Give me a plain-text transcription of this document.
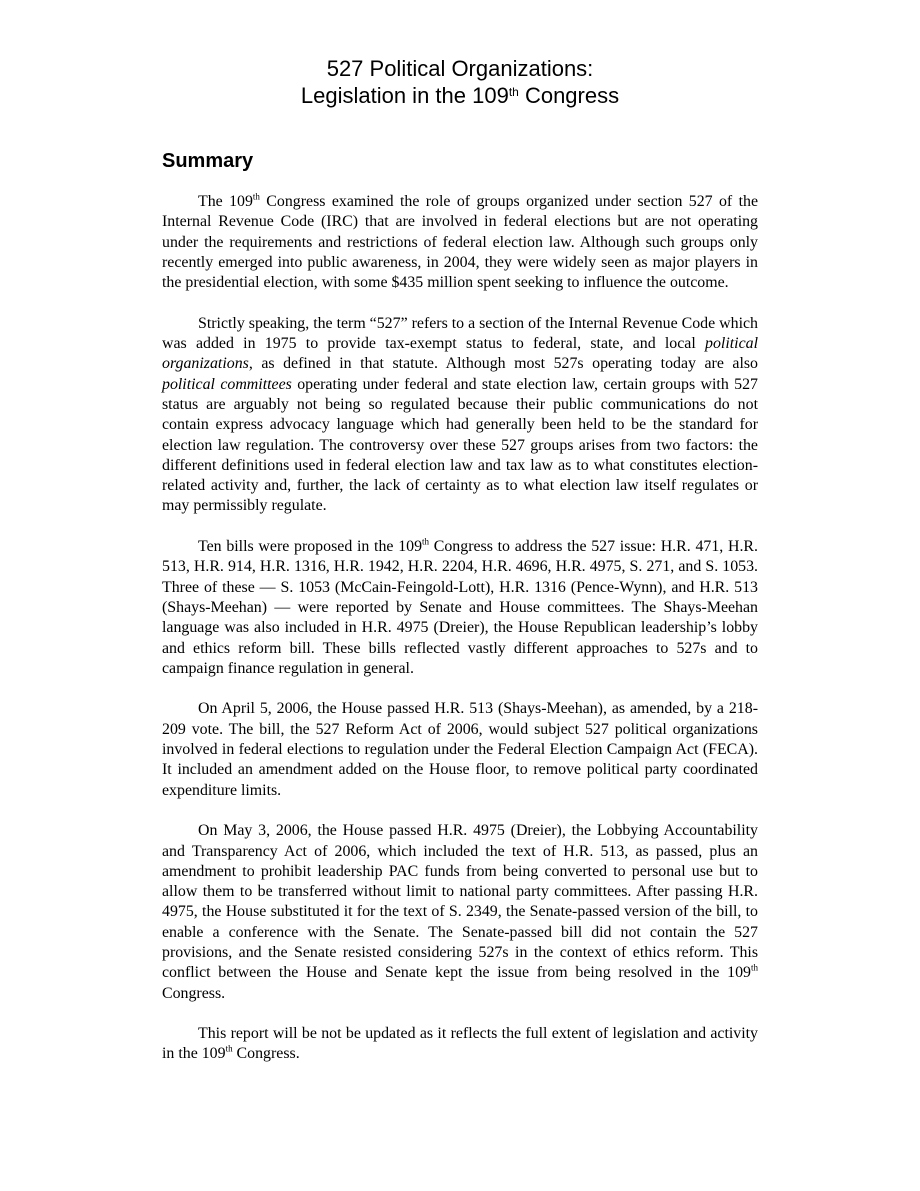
527 Political Organizations:
Legislation in the 109th Congress
Summary

The 109th Congress examined the role of groups organized under section 527 of the Internal Revenue Code (IRC) that are involved in federal elections but are not operating under the requirements and restrictions of federal election law. Although such groups only recently emerged into public awareness, in 2004, they were widely seen as major players in the presidential election, with some $435 million spent seeking to influence the outcome.

Strictly speaking, the term “527” refers to a section of the Internal Revenue Code which was added in 1975 to provide tax-exempt status to federal, state, and local political organizations, as defined in that statute. Although most 527s operating today are also political committees operating under federal and state election law, certain groups with 527 status are arguably not being so regulated because their public communications do not contain express advocacy language which had generally been held to be the standard for election law regulation. The controversy over these 527 groups arises from two factors: the different definitions used in federal election law and tax law as to what constitutes election-related activity and, further, the lack of certainty as to what election law itself regulates or may permissibly regulate.

Ten bills were proposed in the 109th Congress to address the 527 issue: H.R. 471, H.R. 513, H.R. 914, H.R. 1316, H.R. 1942, H.R. 2204, H.R. 4696, H.R. 4975, S. 271, and S. 1053. Three of these — S. 1053 (McCain-Feingold-Lott), H.R. 1316 (Pence-Wynn), and H.R. 513 (Shays-Meehan) — were reported by Senate and House committees. The Shays-Meehan language was also included in H.R. 4975 (Dreier), the House Republican leadership’s lobby and ethics reform bill. These bills reflected vastly different approaches to 527s and to campaign finance regulation in general.

On April 5, 2006, the House passed H.R. 513 (Shays-Meehan), as amended, by a 218-209 vote. The bill, the 527 Reform Act of 2006, would subject 527 political organizations involved in federal elections to regulation under the Federal Election Campaign Act (FECA). It included an amendment added on the House floor, to remove political party coordinated expenditure limits.

On May 3, 2006, the House passed H.R. 4975 (Dreier), the Lobbying Accountability and Transparency Act of 2006, which included the text of H.R. 513, as passed, plus an amendment to prohibit leadership PAC funds from being converted to personal use but to allow them to be transferred without limit to national party committees. After passing H.R. 4975, the House substituted it for the text of S. 2349, the Senate-passed version of the bill, to enable a conference with the Senate. The Senate-passed bill did not contain the 527 provisions, and the Senate resisted considering 527s in the context of ethics reform. This conflict between the House and Senate kept the issue from being resolved in the 109th Congress.

This report will be not be updated as it reflects the full extent of legislation and activity in the 109th Congress.
